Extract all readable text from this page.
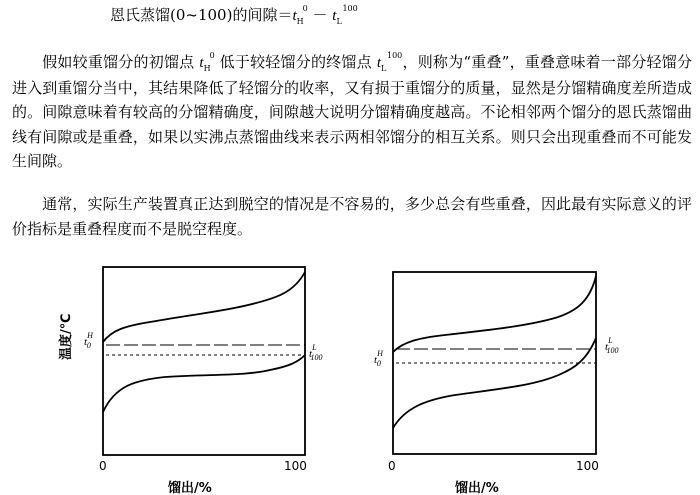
恩氏蒸馏(0~100)的间隙＝t 0
H － t 100
L

假如较重馏分的初馏点 t 0
H 低于较轻馏分的终馏点 t 100
L ，则称为“重叠”，重叠意味着一部分轻馏分进入到重馏分当中，其结果降低了轻馏分的收率，又有损于重馏分的质量，显然是分馏精确度差所造成的。间隙意味着有较高的分馏精确度，间隙越大说明分馏精确度越高。不论相邻两个馏分的恩氏蒸馏曲线有间隙或是重叠，如果以实沸点蒸馏曲线来表示两相邻馏分的相互关系。则只会出现重叠而不可能发生间隙。

通常，实际生产装置真正达到脱空的情况是不容易的，多少总会有些重叠，因此最有实际意义的评价指标是重叠程度而不是脱空程度。

温度/℃
0	100
馏出/%
$t^H$ 0
$t^L$ 100
0	100
馏出/%
$t^H$ 0
$t^L$ 100
